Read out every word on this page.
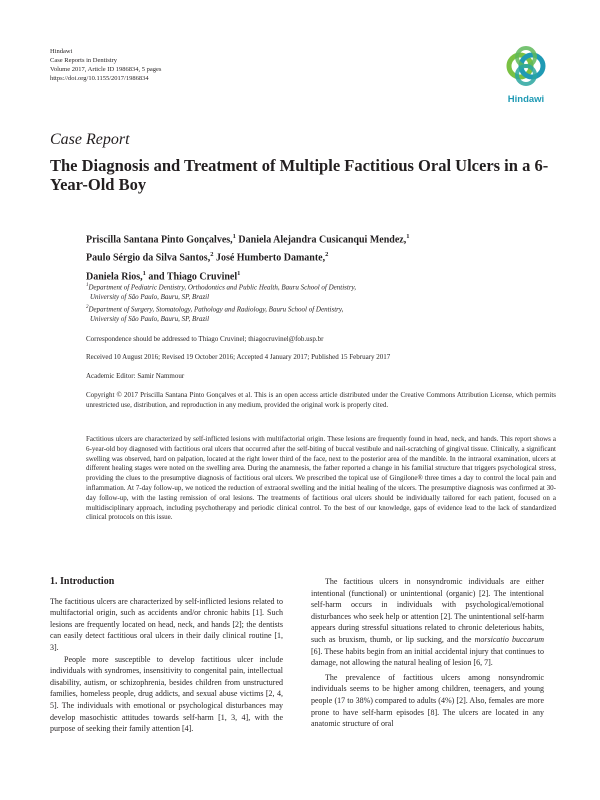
Hindawi
Case Reports in Dentistry
Volume 2017, Article ID 1986834, 5 pages
https://doi.org/10.1155/2017/1986834
Hindawi
Case Report
The Diagnosis and Treatment of Multiple Factitious Oral Ulcers in a 6-Year-Old Boy
Priscilla Santana Pinto Gonçalves,$^1$ Daniela Alejandra Cusicanqui Mendez,$^1$
Paulo Sérgio da Silva Santos,$^2$ José Humberto Damante,$^2$
Daniela Rios,$^1$ and Thiago Cruvinel$^1$
$^1$Department of Pediatric Dentistry, Orthodontics and Public Health, Bauru School of Dentistry,
University of São Paulo, Bauru, SP, Brazil
$^2$Department of Surgery, Stomatology, Pathology and Radiology, Bauru School of Dentistry,
University of São Paulo, Bauru, SP, Brazil
Correspondence should be addressed to Thiago Cruvinel; thiagocruvinel@fob.usp.br
Received 10 August 2016; Revised 19 October 2016; Accepted 4 January 2017; Published 15 February 2017
Academic Editor: Samir Nammour
Copyright © 2017 Priscilla Santana Pinto Gonçalves et al. This is an open access article distributed under the Creative Commons Attribution License, which permits unrestricted use, distribution, and reproduction in any medium, provided the original work is properly cited.
Factitious ulcers are characterized by self-inflicted lesions with multifactorial origin. These lesions are frequently found in head, neck, and hands. This report shows a 6-year-old boy diagnosed with factitious oral ulcers that occurred after the self-biting of buccal vestibule and nail-scratching of gingival tissue. Clinically, a significant swelling was observed, hard on palpation, located at the right lower third of the face, next to the posterior area of the mandible. In the intraoral examination, ulcers at different healing stages were noted on the swelling area. During the anamnesis, the father reported a change in his familial structure that triggers psychological stress, providing the clues to the presumptive diagnosis of factitious oral ulcers. We prescribed the topical use of Gingilone® three times a day to control the local pain and inflammation. At 7-day follow-up, we noticed the reduction of extraoral swelling and the initial healing of the ulcers. The presumptive diagnosis was confirmed at 30-day follow-up, with the lasting remission of oral lesions. The treatments of factitious oral ulcers should be individually tailored for each patient, focused on a multidisciplinary approach, including psychotherapy and periodic clinical control. To the best of our knowledge, gaps of evidence lead to the lack of standardized clinical protocols on this issue.
1. Introduction

The factitious ulcers are characterized by self-inflicted lesions related to multifactorial origin, such as accidents and/or chronic habits [1]. Such lesions are frequently located on head, neck, and hands [2]; the dentists can easily detect factitious oral ulcers in their daily clinical routine [1, 3].

People more susceptible to develop factitious ulcer include individuals with syndromes, insensitivity to congenital pain, intellectual disability, autism, or schizophrenia, besides children from unstructured families, homeless people, drug addicts, and sexual abuse victims [2, 4, 5]. The individuals with emotional or psychological disturbances may develop masochistic attitudes towards self-harm [1, 3, 4], with the purpose of seeking their family attention [4].

The factitious ulcers in nonsyndromic individuals are either intentional (functional) or unintentional (organic) [2]. The intentional self-harm occurs in individuals with psychological/emotional disturbances who seek help or attention [2]. The unintentional self-harm appears during stressful situations related to chronic deleterious habits, such as bruxism, thumb, or lip sucking, and the morsicatio buccarum [6]. These habits begin from an initial accidental injury that continues to damage, not allowing the natural healing of lesion [6, 7].

The prevalence of factitious ulcers among nonsyndromic individuals seems to be higher among children, teenagers, and young people (17 to 38%) compared to adults (4%) [2]. Also, females are more prone to have self-harm episodes [8]. The ulcers are located in any anatomic structure of oral
